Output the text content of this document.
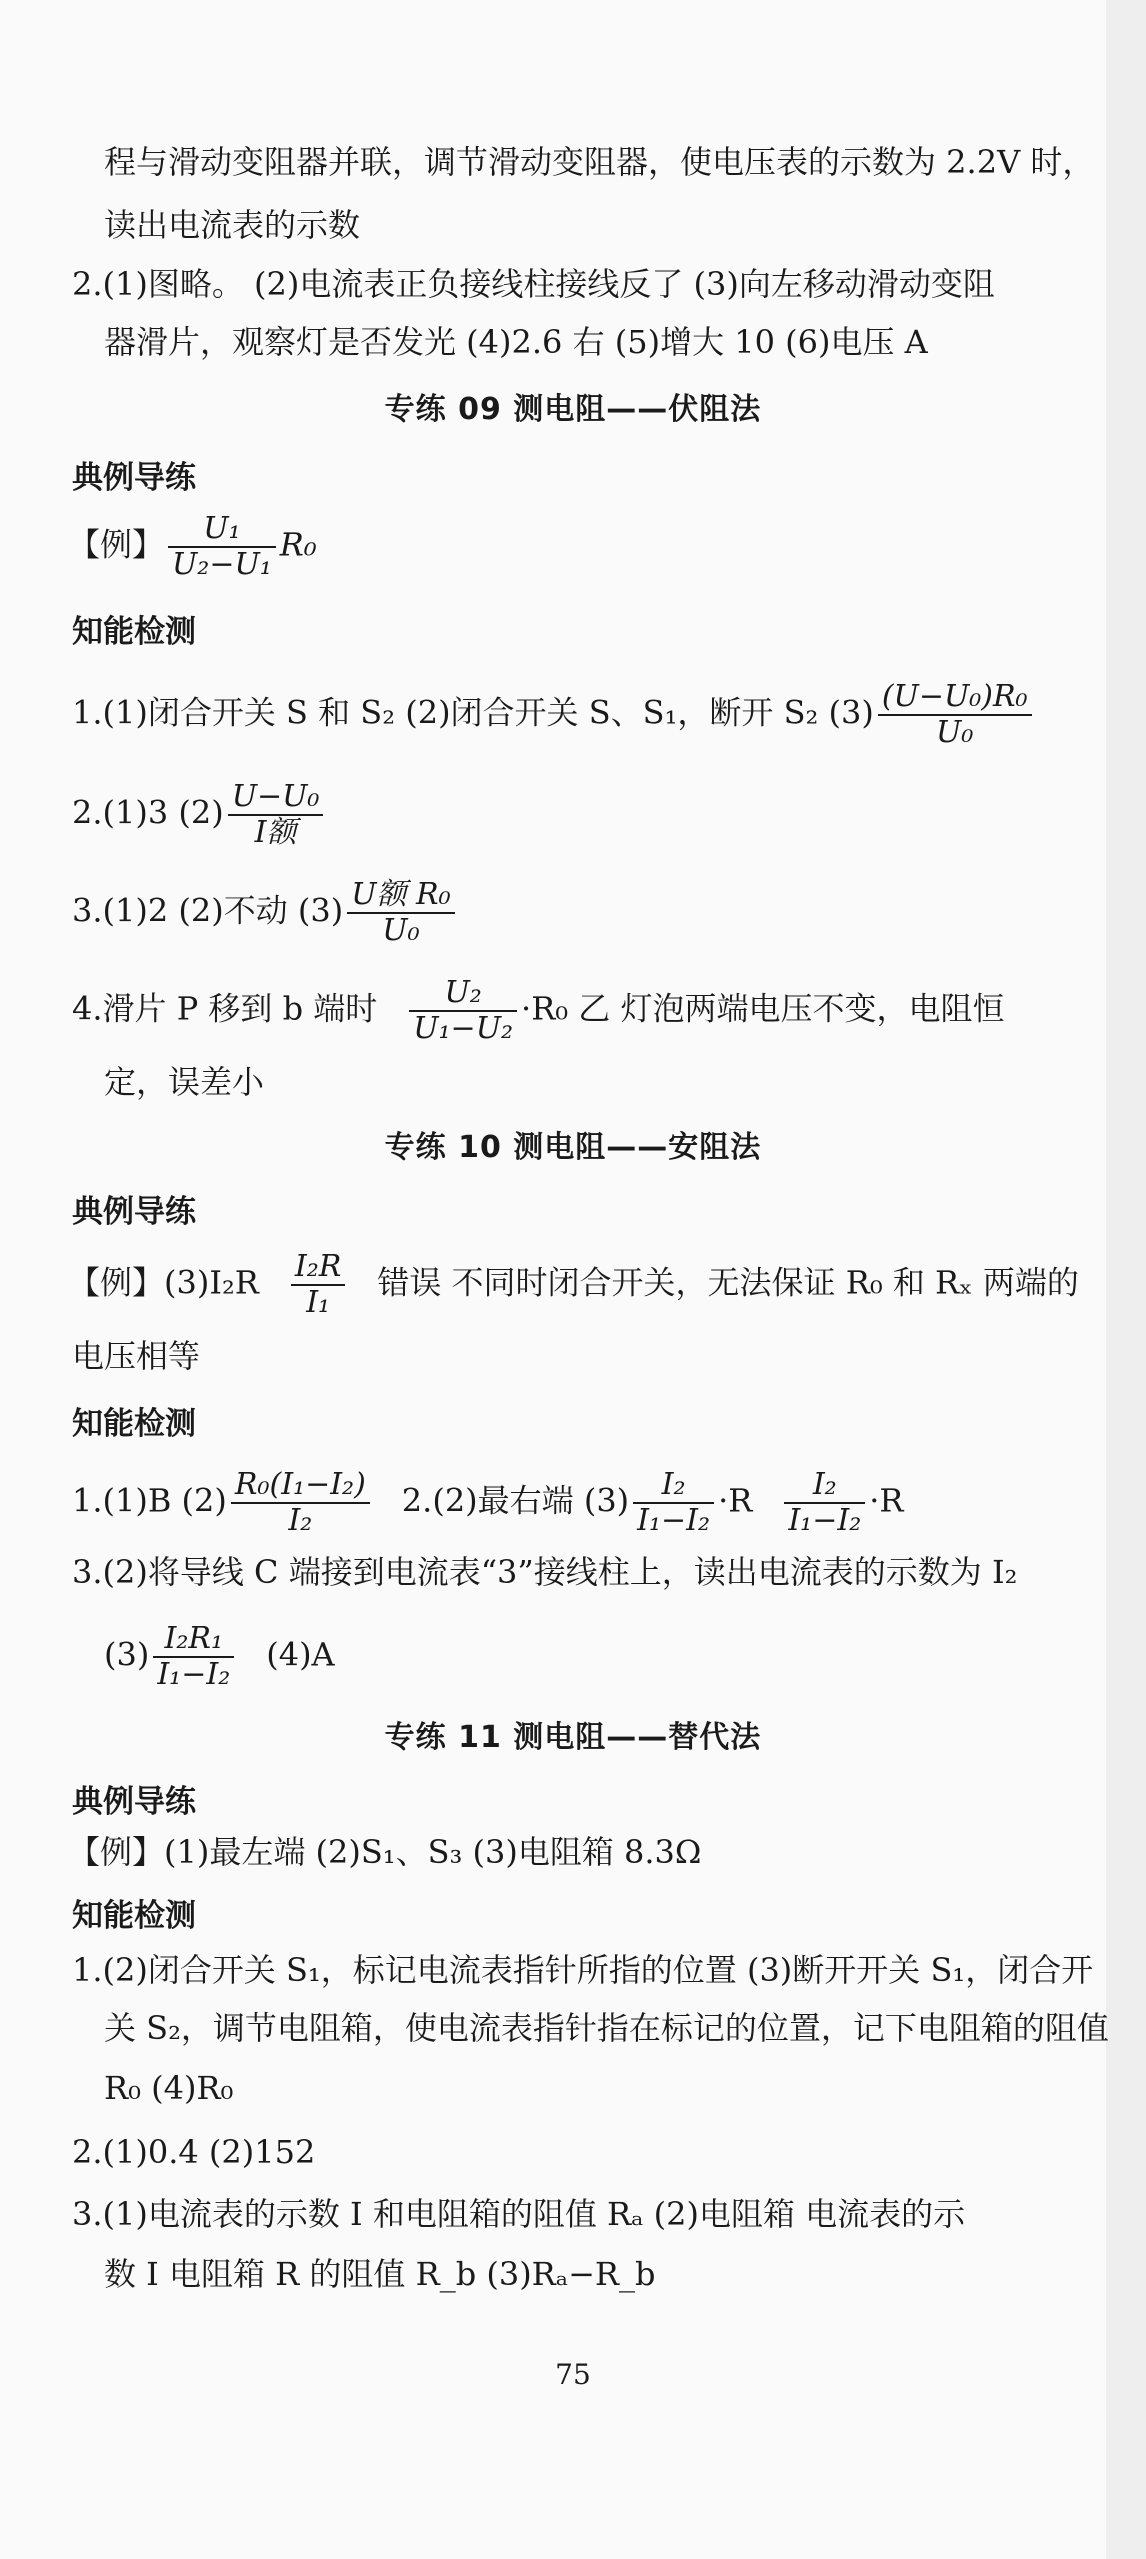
程与滑动变阻器并联，调节滑动变阻器，使电压表的示数为 2.2V 时，
读出电流表的示数
2.(1)图略。 (2)电流表正负接线柱接线反了 (3)向左移动滑动变阻
器滑片，观察灯是否发光 (4)2.6 右 (5)增大 10 (6)电压 A
专练 09 测电阻——伏阻法
典例导练
【例】 $\frac{\text{U₁}}{\text{U₂−U₁}} R_0$
知能检测
1.(1)闭合开关 S 和 S₂ (2)闭合开关 S、S₁，断开 S₂ $(3) \frac{\text{(U−U₀)R₀}}{\text{U₀}}$
2.(1)3 $(2) \frac{\text{U−U₀}}{\text{I额}}$
3.(1)2 (2)不动 $(3) \frac{\text{U额 R₀}}{\text{U₀}}$
4.滑片 P 移到 b 端时 $\frac{\text{U₂}}{\text{U₁−U₂}} \cdot R_0$ 乙 灯泡两端电压不变，电阻恒
定，误差小
专练 10 测电阻——安阻法
典例导练
【例】$(3)I_2R \frac{\text{I₂R}}{\text{I₁}}$ 错误 不同时闭合开关，无法保证 R₀ 和 Rₓ 两端的
电压相等
知能检测
1.(1)B $(2) \frac{\text{R₀(I₁−I₂)}}{\text{I₂}} 2.(2)$最右端 $(3) \frac{\text{I₂}}{\text{I₁−I₂}} \cdot R \frac{\text{I₂}}{\text{I₁−I₂}} \cdot R$
3.(2)将导线 C 端接到电流表“3”接线柱上，读出电流表的示数为 I₂
$(3) \frac{\text{I₂R₁}}{\text{I₁−I₂}} (4)A$
专练 11 测电阻——替代法
典例导练
【例】(1)最左端 (2)S₁、S₃ (3)电阻箱 8.3Ω
知能检测
1.(2)闭合开关 S₁，标记电流表指针所指的位置 (3)断开开关 S₁，闭合开
关 S₂，调节电阻箱，使电流表指针指在标记的位置，记下电阻箱的阻值
R₀ (4)R₀
2.(1)0.4 (2)152
3.(1)电流表的示数 I 和电阻箱的阻值 Rₐ (2)电阻箱 电流表的示
数 I 电阻箱 R 的阻值 R_b (3)Rₐ−R_b
75
